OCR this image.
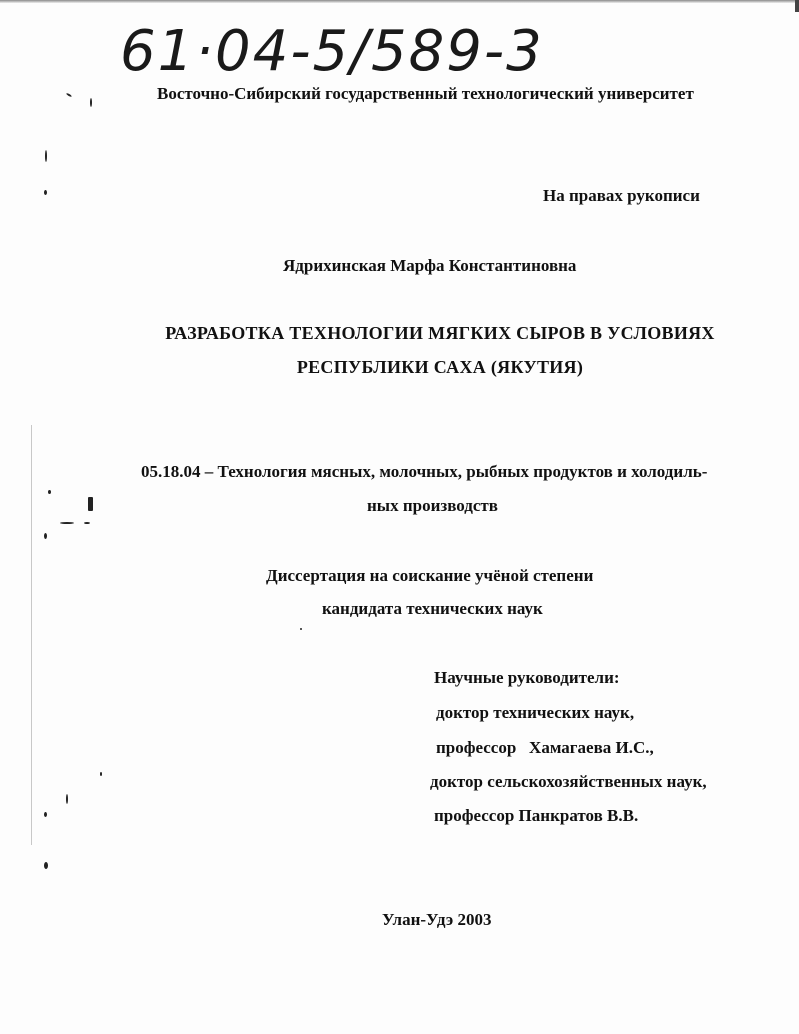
61·04-5/589-3
Восточно-Сибирский государственный технологический университет
На правах рукописи
Ядрихинская Марфа Константиновна
РАЗРАБОТКА ТЕХНОЛОГИИ МЯГКИХ СЫРОВ В УСЛОВИЯХ
РЕСПУБЛИКИ САХА (ЯКУТИЯ)
05.18.04 – Технология мясных, молочных, рыбных продуктов и холодиль-
ных производств
Диссертация на соискание учёной степени
кандидата технических наук
Научные руководители:
доктор технических наук,
профессор   Хамагаева И.С.,
доктор сельскохозяйственных наук,
профессор Панкратов В.В.
Улан-Удэ 2003
